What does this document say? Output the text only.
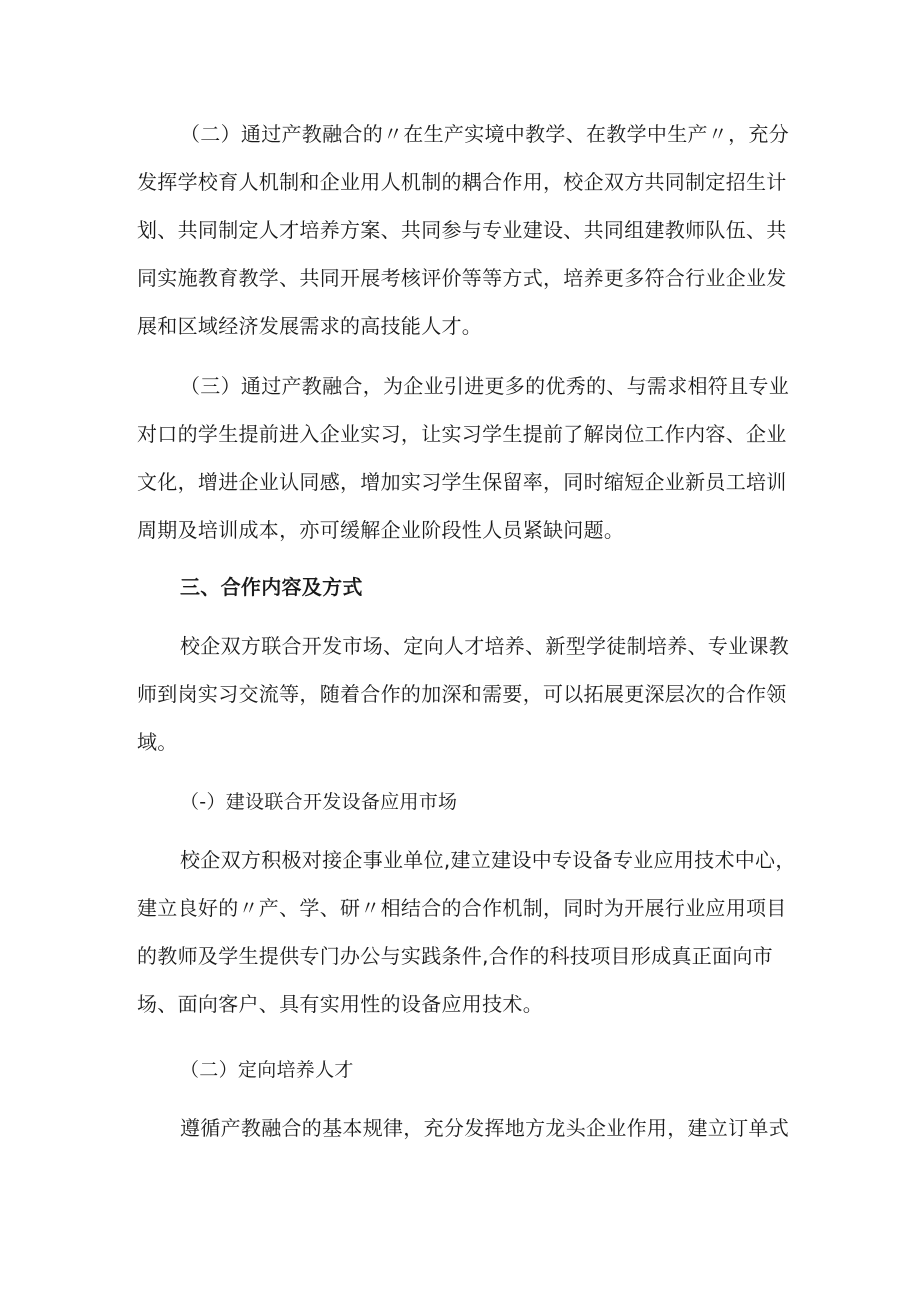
（二）通过产教融合的〃在生产实境中教学、在教学中生产〃，充分
发挥学校育人机制和企业用人机制的耦合作用，校企双方共同制定招生计
划、共同制定人才培养方案、共同参与专业建设、共同组建教师队伍、共
同实施教育教学、共同开展考核评价等等方式，培养更多符合行业企业发
展和区域经济发展需求的高技能人才。
（三）通过产教融合，为企业引进更多的优秀的、与需求相符且专业
对口的学生提前进入企业实习，让实习学生提前了解岗位工作内容、企业
文化，增进企业认同感，增加实习学生保留率，同时缩短企业新员工培训
周期及培训成本，亦可缓解企业阶段性人员紧缺问题。
三、合作内容及方式
校企双方联合开发市场、定向人才培养、新型学徒制培养、专业课教
师到岗实习交流等，随着合作的加深和需要，可以拓展更深层次的合作领
域。
（-）建设联合开发设备应用市场
校企双方积极对接企事业单位,建立建设中专设备专业应用技术中心，
建立良好的〃产、学、研〃相结合的合作机制，同时为开展行业应用项目
的教师及学生提供专门办公与实践条件,合作的科技项目形成真正面向市
场、面向客户、具有实用性的设备应用技术。
（二）定向培养人才
遵循产教融合的基本规律，充分发挥地方龙头企业作用，建立订单式
